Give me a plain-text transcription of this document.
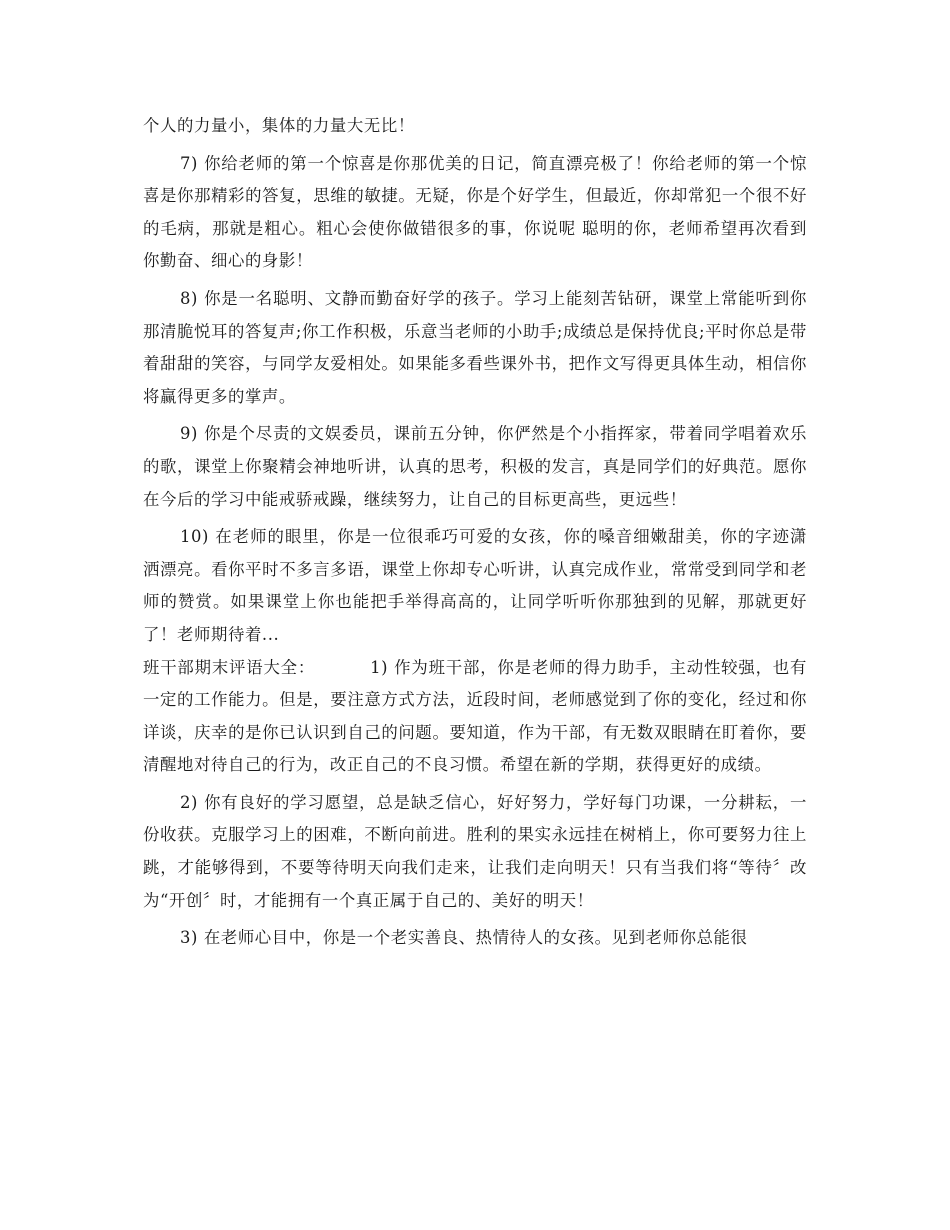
个人的力量小，集体的力量大无比！

7) 你给老师的第一个惊喜是你那优美的日记，简直漂亮极了！你给老师的第一个惊喜是你那精彩的答复，思维的敏捷。无疑，你是个好学生，但最近，你却常犯一个很不好的毛病，那就是粗心。粗心会使你做错很多的事，你说呢 聪明的你，老师希望再次看到你勤奋、细心的身影！

8) 你是一名聪明、文静而勤奋好学的孩子。学习上能刻苦钻研，课堂上常能听到你那清脆悦耳的答复声;你工作积极，乐意当老师的小助手;成绩总是保持优良;平时你总是带着甜甜的笑容，与同学友爱相处。如果能多看些课外书，把作文写得更具体生动，相信你将赢得更多的掌声。

9) 你是个尽责的文娱委员，课前五分钟，你俨然是个小指挥家，带着同学唱着欢乐的歌，课堂上你聚精会神地听讲，认真的思考，积极的发言，真是同学们的好典范。愿你在今后的学习中能戒骄戒躁，继续努力，让自己的目标更高些，更远些！

10) 在老师的眼里，你是一位很乖巧可爱的女孩，你的嗓音细嫩甜美，你的字迹潇洒漂亮。看你平时不多言多语，课堂上你却专心听讲，认真完成作业，常常受到同学和老师的赞赏。如果课堂上你也能把手举得高高的，让同学听听你那独到的见解，那就更好了！老师期待着...

班干部期末评语大全：	1) 作为班干部，你是老师的得力助手，主动性较强，也有一定的工作能力。但是，要注意方式方法，近段时间，老师感觉到了你的变化，经过和你详谈，庆幸的是你已认识到自己的问题。要知道，作为干部，有无数双眼睛在盯着你，要清醒地对待自己的行为，改正自己的不良习惯。希望在新的学期，获得更好的成绩。

2) 你有良好的学习愿望，总是缺乏信心，好好努力，学好每门功课，一分耕耘，一份收获。克服学习上的困难，不断向前进。胜利的果实永远挂在树梢上，你可要努力往上跳，才能够得到，不要等待明天向我们走来，让我们走向明天！只有当我们将“等待〞改为“开创〞时，才能拥有一个真正属于自己的、美好的明天！

3) 在老师心目中，你是一个老实善良、热情待人的女孩。见到老师你总能很
